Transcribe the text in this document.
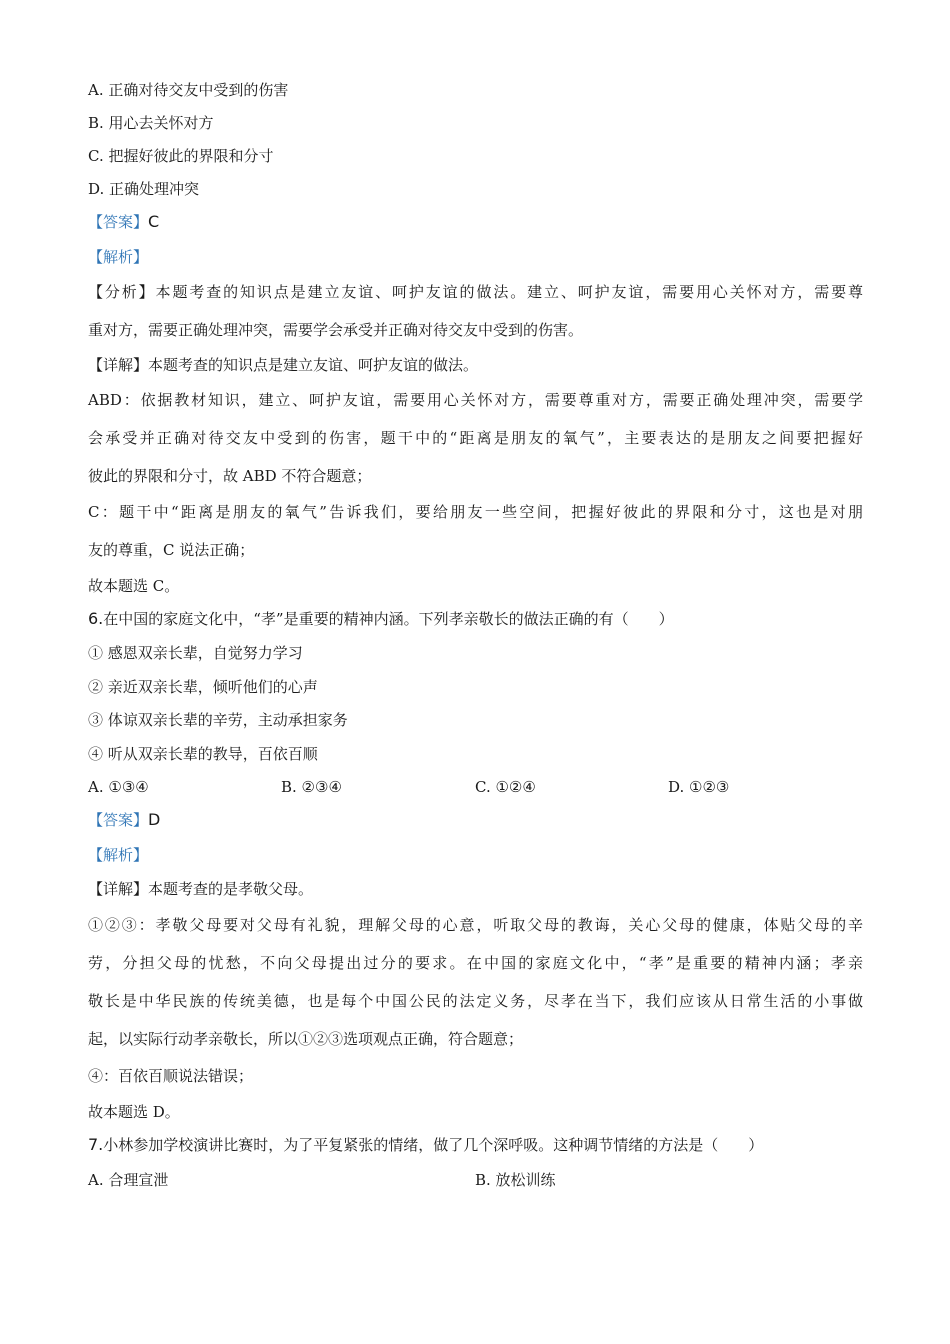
A. 正确对待交友中受到的伤害
B. 用心去关怀对方
C. 把握好彼此的界限和分寸
D. 正确处理冲突
【答案】C
【解析】
【分析】本题考查的知识点是建立友谊、呵护友谊的做法。建立、呵护友谊，需要用心关怀对方，需要尊
重对方，需要正确处理冲突，需要学会承受并正确对待交友中受到的伤害。
【详解】本题考查的知识点是建立友谊、呵护友谊的做法。
ABD：依据教材知识，建立、呵护友谊，需要用心关怀对方，需要尊重对方，需要正确处理冲突，需要学
会承受并正确对待交友中受到的伤害，题干中的“距离是朋友的氧气”，主要表达的是朋友之间要把握好
彼此的界限和分寸，故 ABD 不符合题意；
C：题干中“距离是朋友的氧气”告诉我们，要给朋友一些空间，把握好彼此的界限和分寸，这也是对朋
友的尊重，C 说法正确；
故本题选 C。
6.在中国的家庭文化中，“孝”是重要的精神内涵。下列孝亲敬长的做法正确的有（　　）
① 感恩双亲长辈，自觉努力学习
② 亲近双亲长辈，倾听他们的心声
③ 体谅双亲长辈的辛劳，主动承担家务
④ 听从双亲长辈的教导，百依百顺
A. ①③④	B. ②③④	C. ①②④	D. ①②③
【答案】D
【解析】
【详解】本题考查的是孝敬父母。
①②③：孝敬父母要对父母有礼貌，理解父母的心意，听取父母的教诲，关心父母的健康，体贴父母的辛
劳，分担父母的忧愁，不向父母提出过分的要求。在中国的家庭文化中，“孝”是重要的精神内涵；孝亲
敬长是中华民族的传统美德，也是每个中国公民的法定义务，尽孝在当下，我们应该从日常生活的小事做
起，以实际行动孝亲敬长，所以①②③选项观点正确，符合题意；
④：百依百顺说法错误；
故本题选 D。
7.小林参加学校演讲比赛时，为了平复紧张的情绪，做了几个深呼吸。这种调节情绪的方法是（　　）
A. 合理宣泄	B. 放松训练
